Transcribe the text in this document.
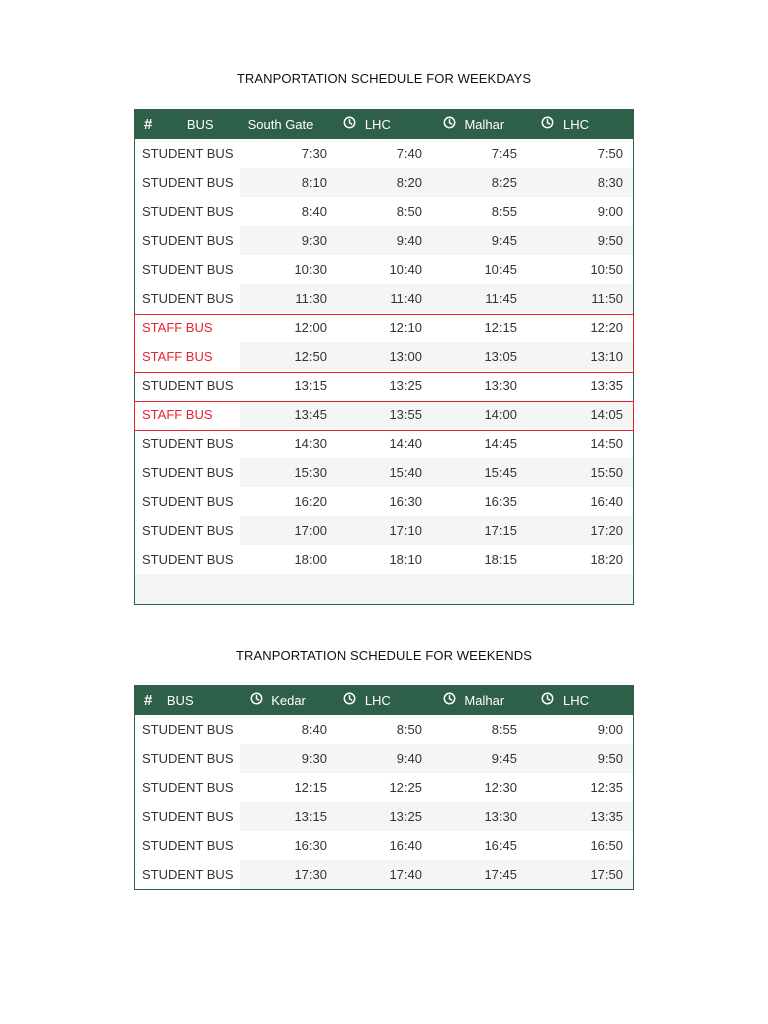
TRANPORTATION SCHEDULE FOR WEEKDAYS
#	BUS	South Gate	LHC	Malhar	LHC
STUDENT BUS	7:30	7:40	7:45	7:50
STUDENT BUS	8:10	8:20	8:25	8:30
STUDENT BUS	8:40	8:50	8:55	9:00
STUDENT BUS	9:30	9:40	9:45	9:50
STUDENT BUS	10:30	10:40	10:45	10:50
STUDENT BUS	11:30	11:40	11:45	11:50
STAFF BUS	12:00	12:10	12:15	12:20
STAFF BUS	12:50	13:00	13:05	13:10
STUDENT BUS	13:15	13:25	13:30	13:35
STAFF BUS	13:45	13:55	14:00	14:05
STUDENT BUS	14:30	14:40	14:45	14:50
STUDENT BUS	15:30	15:40	15:45	15:50
STUDENT BUS	16:20	16:30	16:35	16:40
STUDENT BUS	17:00	17:10	17:15	17:20
STUDENT BUS	18:00	18:10	18:15	18:20
TRANPORTATION SCHEDULE FOR WEEKENDS
#	BUS	Kedar	LHC	Malhar	LHC
STUDENT BUS	8:40	8:50	8:55	9:00
STUDENT BUS	9:30	9:40	9:45	9:50
STUDENT BUS	12:15	12:25	12:30	12:35
STUDENT BUS	13:15	13:25	13:30	13:35
STUDENT BUS	16:30	16:40	16:45	16:50
STUDENT BUS	17:30	17:40	17:45	17:50
